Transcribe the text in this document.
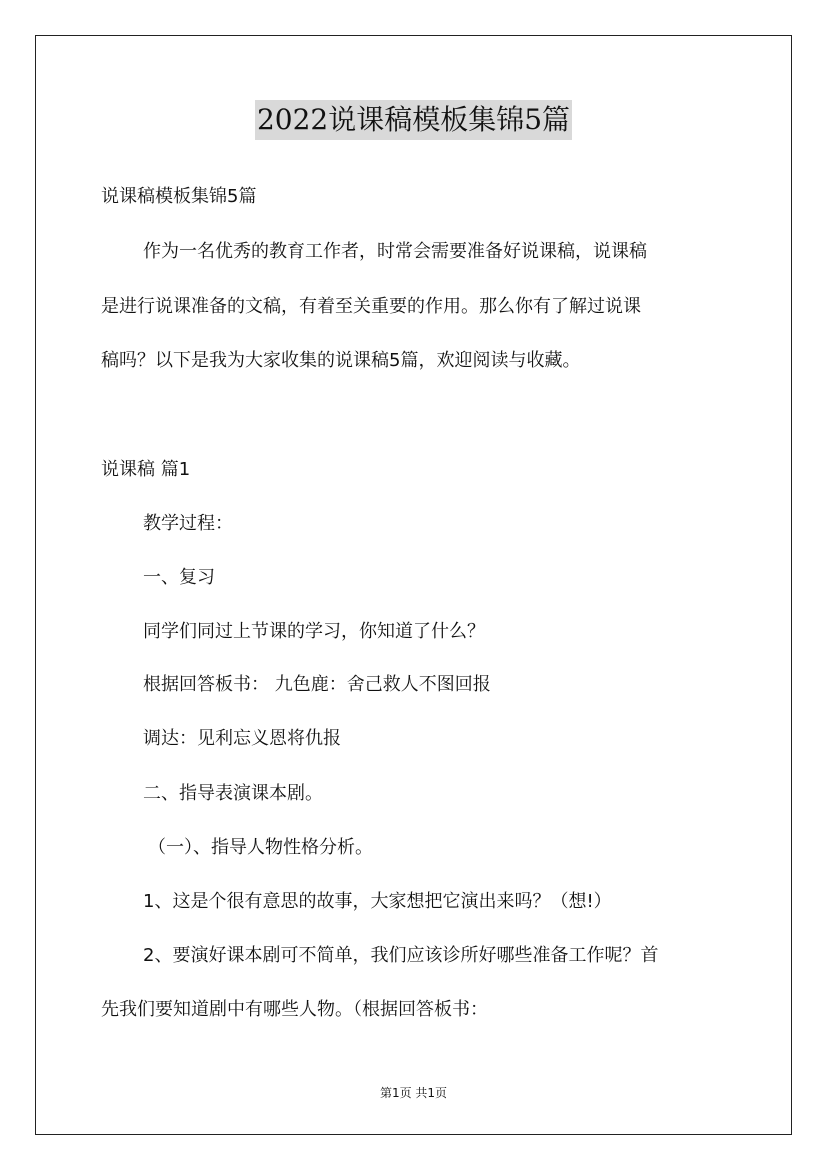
2022说课稿模板集锦5篇
说课稿模板集锦5篇
作为一名优秀的教育工作者，时常会需要准备好说课稿，说课稿
是进行说课准备的文稿，有着至关重要的作用。那么你有了解过说课
稿吗？以下是我为大家收集的说课稿5篇，欢迎阅读与收藏。
说课稿 篇1
教学过程：
一、复习
同学们同过上节课的学习，你知道了什么？
根据回答板书： 九色鹿：舍己救人不图回报
调达：见利忘义恩将仇报
二、指导表演课本剧。
（一）、指导人物性格分析。
1、这是个很有意思的故事，大家想把它演出来吗？（想!）
2、要演好课本剧可不简单，我们应该诊所好哪些准备工作呢？首
先我们要知道剧中有哪些人物。（根据回答板书：
第1页 共1页
